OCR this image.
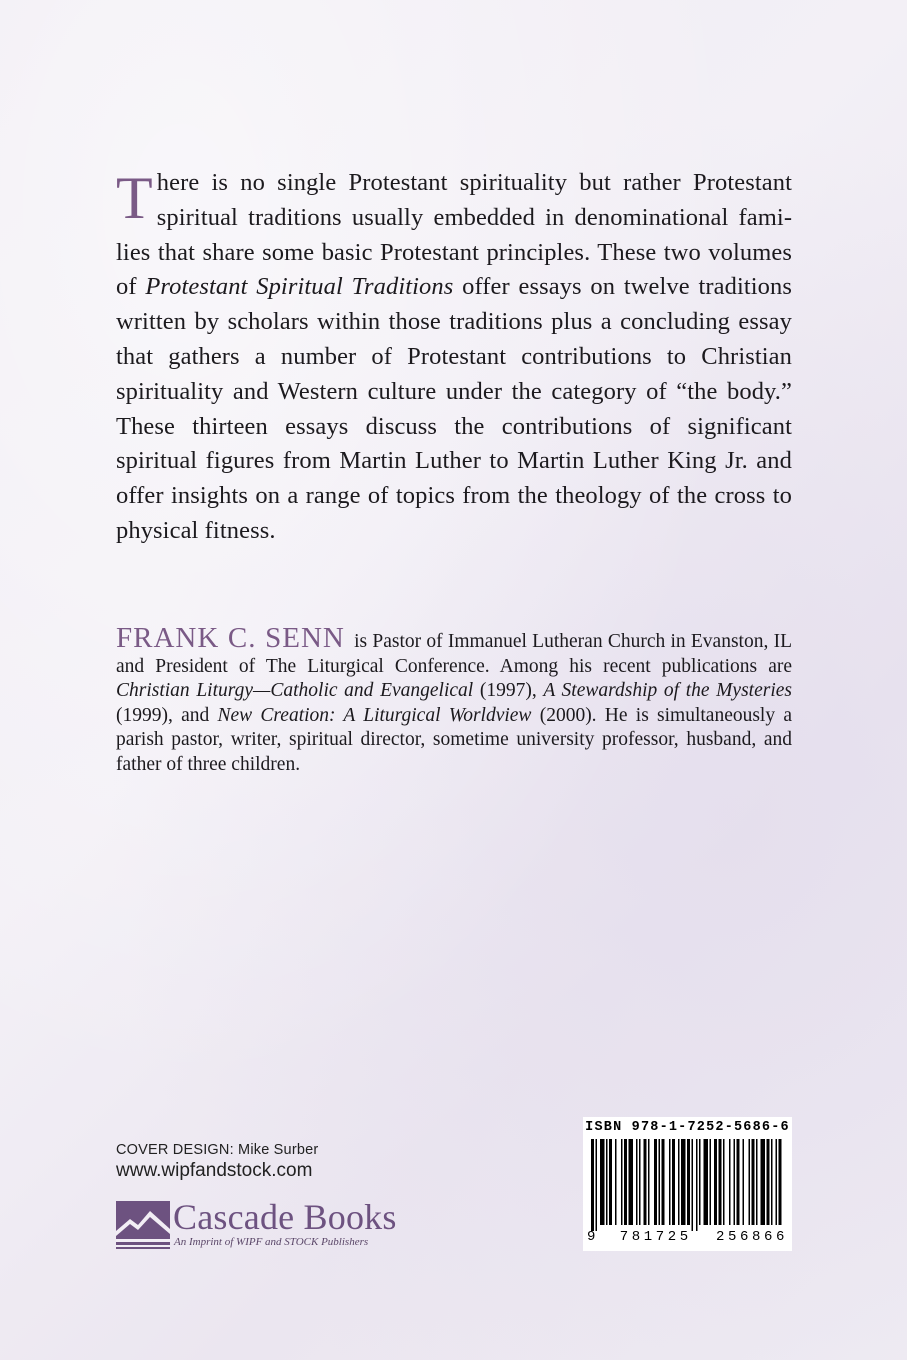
There is no single Protestant spirituality but rather Protestant spiritual traditions usually embedded in denominational families that share some basic Protestant principles. These two volumes of Protestant Spiritual Traditions offer essays on twelve traditions written by scholars within those traditions plus a concluding essay that gathers a number of Protestant contributions to Christian spirituality and Western culture under the category of “the body.” These thirteen essays discuss the contributions of significant spiritual figures from Martin Luther to Martin Luther King Jr. and offer insights on a range of topics from the theology of the cross to physical fitness.

FRANK C. SENN is Pastor of Immanuel Lutheran Church in Evanston, IL and President of The Liturgical Conference. Among his recent publications are Christian Liturgy—Catholic and Evangelical (1997), A Stewardship of the Mysteries (1999), and New Creation: A Liturgical Worldview (2000). He is simultaneously a parish pastor, writer, spiritual director, sometime university professor, husband, and father of three children.

COVER DESIGN: Mike Surber
www.wipfandstock.com
Cascade Books
An Imprint of WIPF and STOCK Publishers
ISBN 978-1-7252-5686-6
9 781725 256866
